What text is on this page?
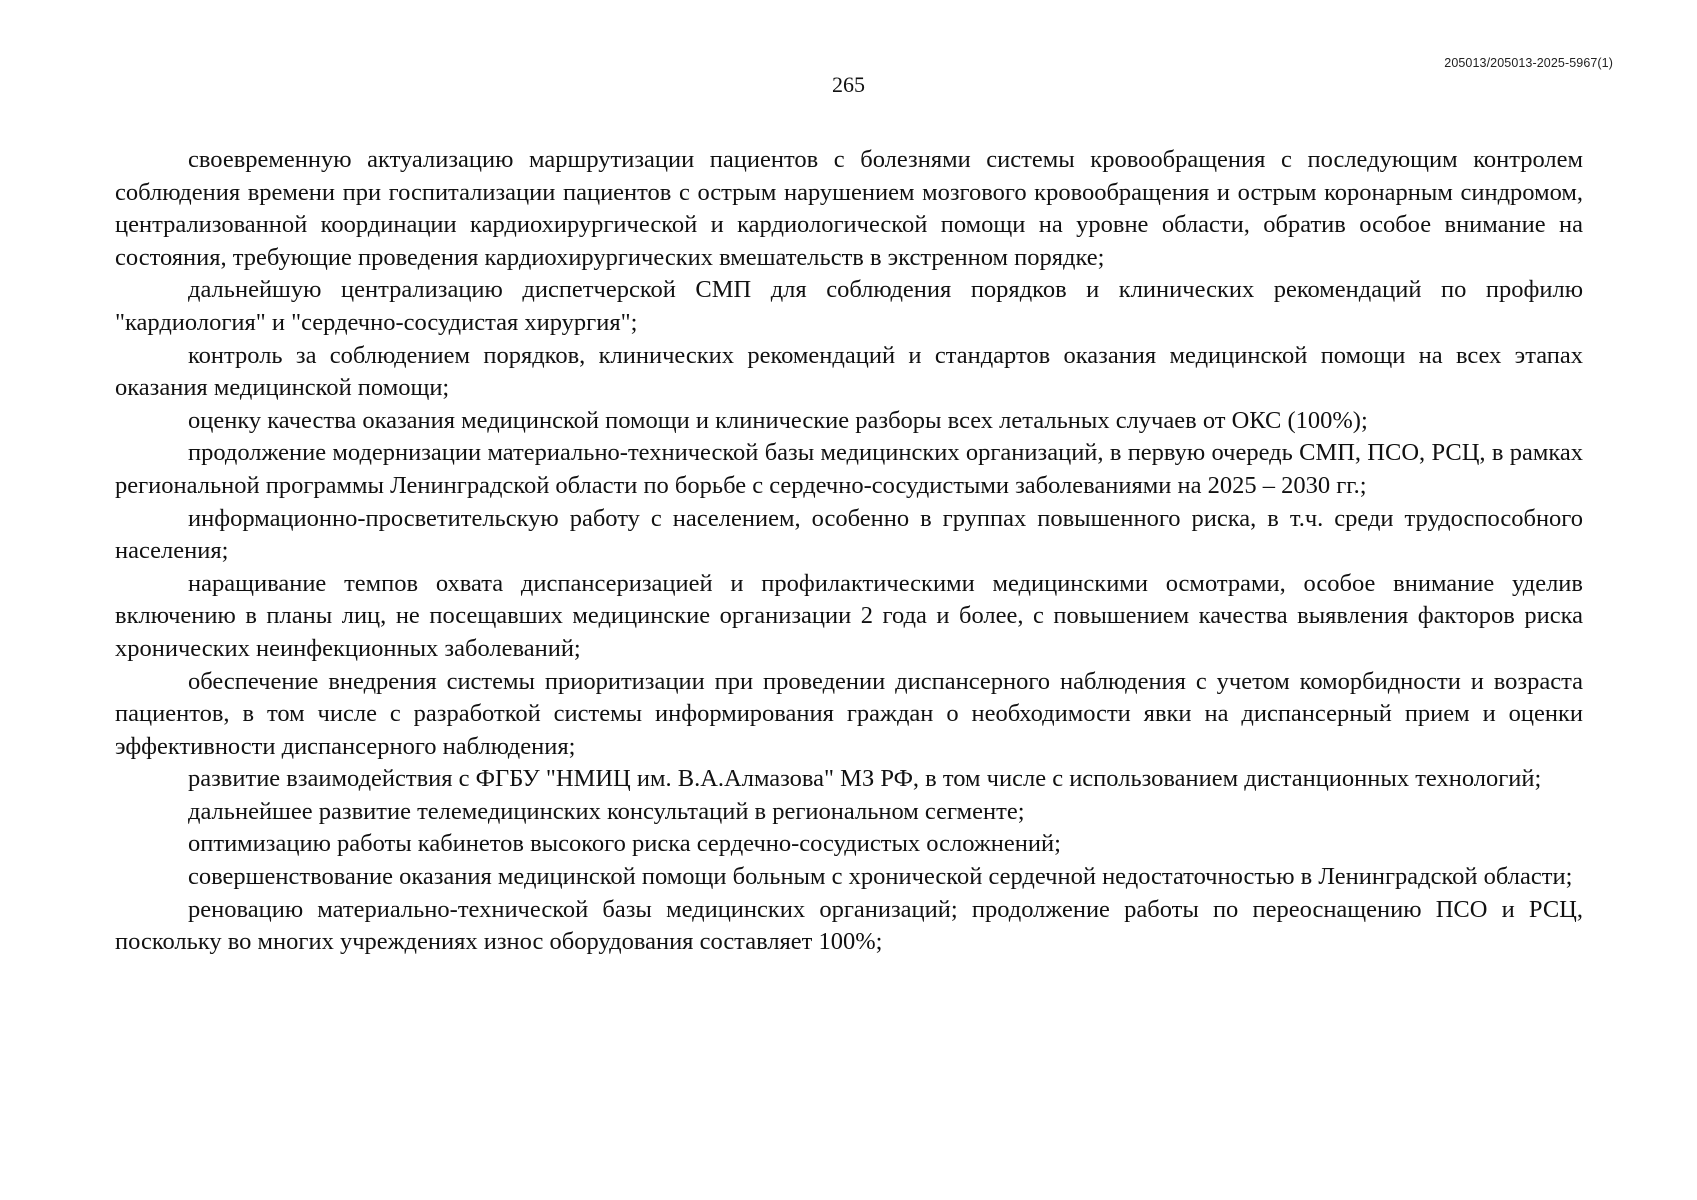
205013/205013-2025-5967(1)
265

своевременную актуализацию маршрутизации пациентов с болезнями системы кровообращения с последующим контролем соблюдения времени при госпитализации пациентов с острым нарушением мозгового кровообращения и острым коронарным синдромом, централизованной координации кардиохирургической и кардиологической помощи на уровне области, обратив особое внимание на состояния, требующие проведения кардиохирургических вмешательств в экстренном порядке;

дальнейшую централизацию диспетчерской СМП для соблюдения порядков и клинических рекомендаций по профилю "кардиология" и "сердечно-сосудистая хирургия";

контроль за соблюдением порядков, клинических рекомендаций и стандартов оказания медицинской помощи на всех этапах оказания медицинской помощи;

оценку качества оказания медицинской помощи и клинические разборы всех летальных случаев от ОКС (100%);

продолжение модернизации материально-технической базы медицинских организаций, в первую очередь СМП, ПСО, РСЦ, в рамках региональной программы Ленинградской области по борьбе с сердечно-сосудистыми заболеваниями на 2025 – 2030 гг.;

информационно-просветительскую работу с населением, особенно в группах повышенного риска, в т.ч. среди трудоспособного населения;

наращивание темпов охвата диспансеризацией и профилактическими медицинскими осмотрами, особое внимание уделив включению в планы лиц, не посещавших медицинские организации 2 года и более, с повышением качества выявления факторов риска хронических неинфекционных заболеваний;

обеспечение внедрения системы приоритизации при проведении диспансерного наблюдения с учетом коморбидности и возраста пациентов, в том числе с разработкой системы информирования граждан о необходимости явки на диспансерный прием и оценки эффективности диспансерного наблюдения;

развитие взаимодействия с ФГБУ "НМИЦ им. В.А.Алмазова" МЗ РФ, в том числе с использованием дистанционных технологий;

дальнейшее развитие телемедицинских консультаций в региональном сегменте;

оптимизацию работы кабинетов высокого риска сердечно-сосудистых осложнений;

совершенствование оказания медицинской помощи больным с хронической сердечной недостаточностью в Ленинградской области;

реновацию материально-технической базы медицинских организаций; продолжение работы по переоснащению ПСО и РСЦ, поскольку во многих учреждениях износ оборудования составляет 100%;
